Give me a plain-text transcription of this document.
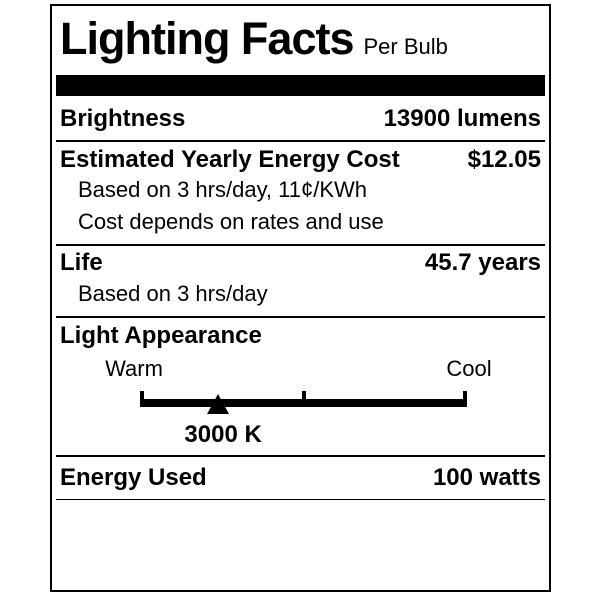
Lighting Facts Per Bulb
Brightness	13900 lumens
Estimated Yearly Energy Cost	$12.05
Based on 3 hrs/day, 11¢/KWh
Cost depends on rates and use
Life	45.7 years
Based on 3 hrs/day
Light Appearance
Warm	Cool
3000 K
Energy Used	100 watts
